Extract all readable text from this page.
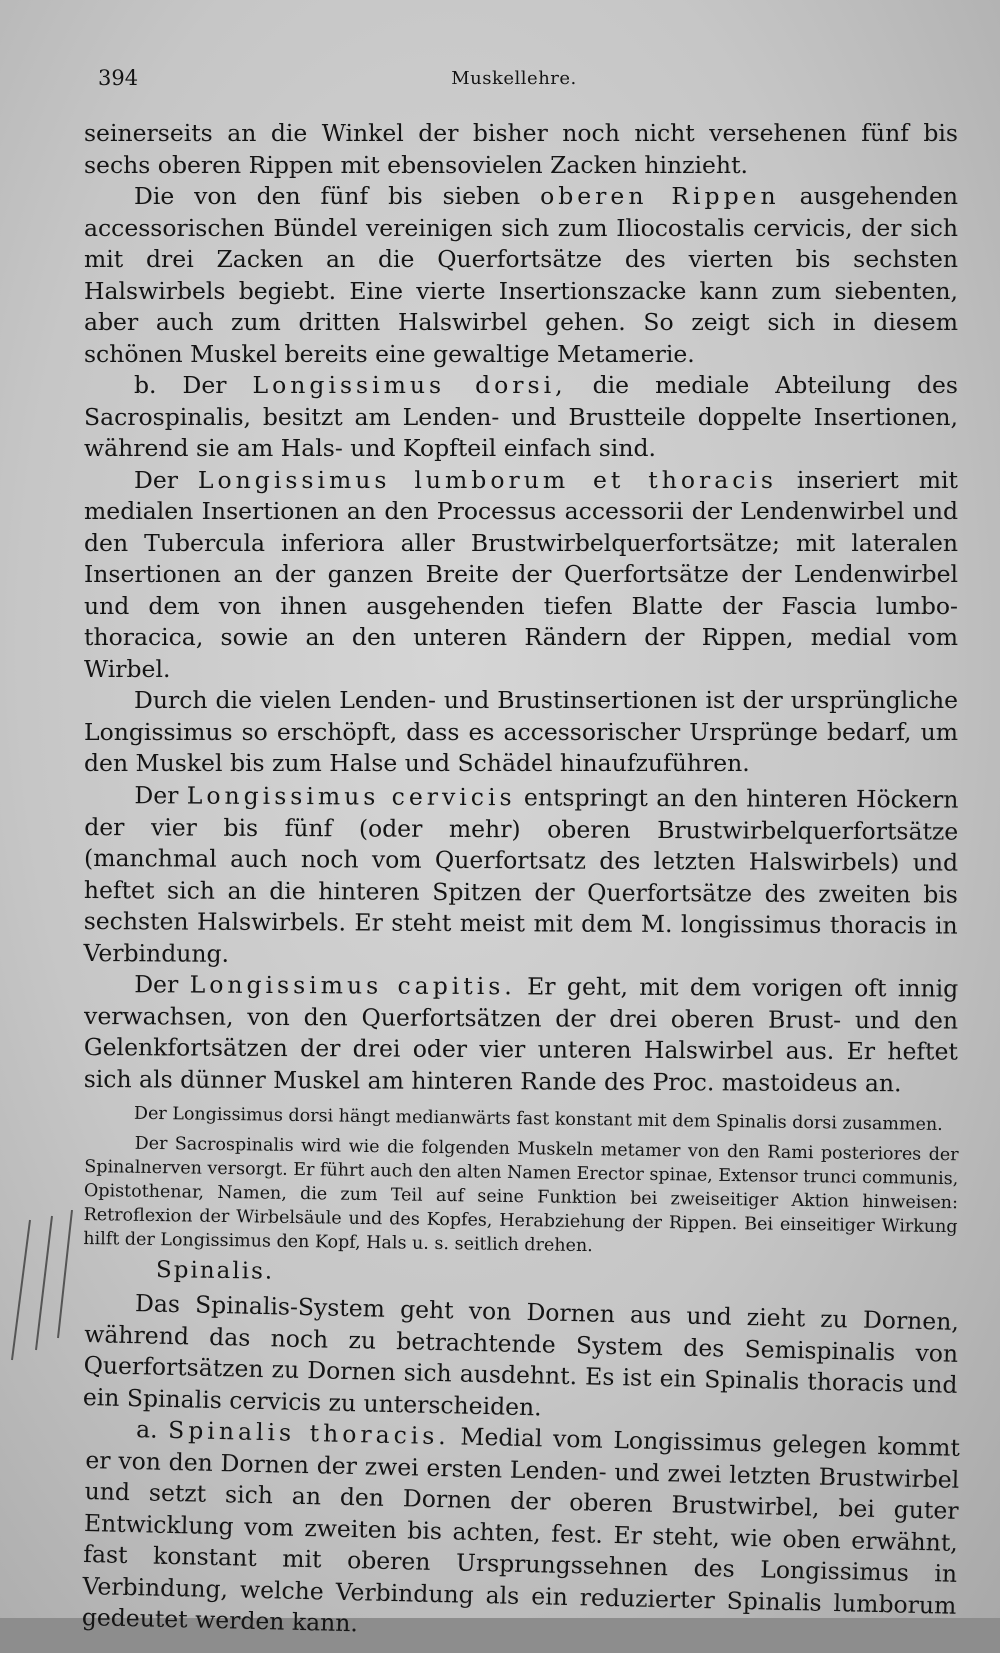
394	Muskellehre.

seinerseits an die Winkel der bisher noch nicht versehenen fünf bis sechs oberen Rippen mit ebensovielen Zacken hinzieht.

Die von den fünf bis sieben oberen Rippen ausgehenden accessorischen Bündel vereinigen sich zum Iliocostalis cervicis, der sich mit drei Zacken an die Querfortsätze des vierten bis sechsten Halswirbels begiebt. Eine vierte Insertionszacke kann zum siebenten, aber auch zum dritten Halswirbel gehen. So zeigt sich in diesem schönen Muskel bereits eine gewaltige Metamerie.

b. Der Longissimus dorsi, die mediale Abteilung des Sacrospinalis, besitzt am Lenden- und Brustteile doppelte Insertionen, während sie am Hals- und Kopfteil einfach sind.

Der Longissimus lumborum et thoracis inseriert mit medialen Insertionen an den Processus accessorii der Lendenwirbel und den Tubercula inferiora aller Brustwirbelquerfortsätze; mit lateralen Insertionen an der ganzen Breite der Querfortsätze der Lendenwirbel und dem von ihnen ausgehenden tiefen Blatte der Fascia lumbo-thoracica, sowie an den unteren Rändern der Rippen, medial vom Wirbel.

Durch die vielen Lenden- und Brustinsertionen ist der ursprüngliche Longissimus so erschöpft, dass es accessorischer Ursprünge bedarf, um den Muskel bis zum Halse und Schädel hinaufzuführen.

Der Longissimus cervicis entspringt an den hinteren Höckern der vier bis fünf (oder mehr) oberen Brustwirbelquerfortsätze (manchmal auch noch vom Querfortsatz des letzten Halswirbels) und heftet sich an die hinteren Spitzen der Querfortsätze des zweiten bis sechsten Halswirbels. Er steht meist mit dem M. longissimus thoracis in Verbindung.

Der Longissimus capitis. Er geht, mit dem vorigen oft innig verwachsen, von den Querfortsätzen der drei oberen Brust- und den Gelenkfortsätzen der drei oder vier unteren Halswirbel aus. Er heftet sich als dünner Muskel am hinteren Rande des Proc. mastoideus an.

Der Longissimus dorsi hängt medianwärts fast konstant mit dem Spinalis dorsi zusammen.

Der Sacrospinalis wird wie die folgenden Muskeln metamer von den Rami posteriores der Spinalnerven versorgt. Er führt auch den alten Namen Erector spinae, Extensor trunci communis, Opistothenar, Namen, die zum Teil auf seine Funktion bei zweiseitiger Aktion hinweisen: Retroflexion der Wirbelsäule und des Kopfes, Herabziehung der Rippen. Bei einseitiger Wirkung hilft der Longissimus den Kopf, Hals u. s. seitlich drehen.

Spinalis.

Das Spinalis-System geht von Dornen aus und zieht zu Dornen, während das noch zu betrachtende System des Semispinalis von Querfortsätzen zu Dornen sich ausdehnt. Es ist ein Spinalis thoracis und ein Spinalis cervicis zu unterscheiden.

a. Spinalis thoracis. Medial vom Longissimus gelegen kommt er von den Dornen der zwei ersten Lenden- und zwei letzten Brustwirbel und setzt sich an den Dornen der oberen Brustwirbel, bei guter Entwicklung vom zweiten bis achten, fest. Er steht, wie oben erwähnt, fast konstant mit oberen Ursprungssehnen des Longissimus in Verbindung, welche Verbindung als ein reduzierter Spinalis lumborum gedeutet werden kann.
